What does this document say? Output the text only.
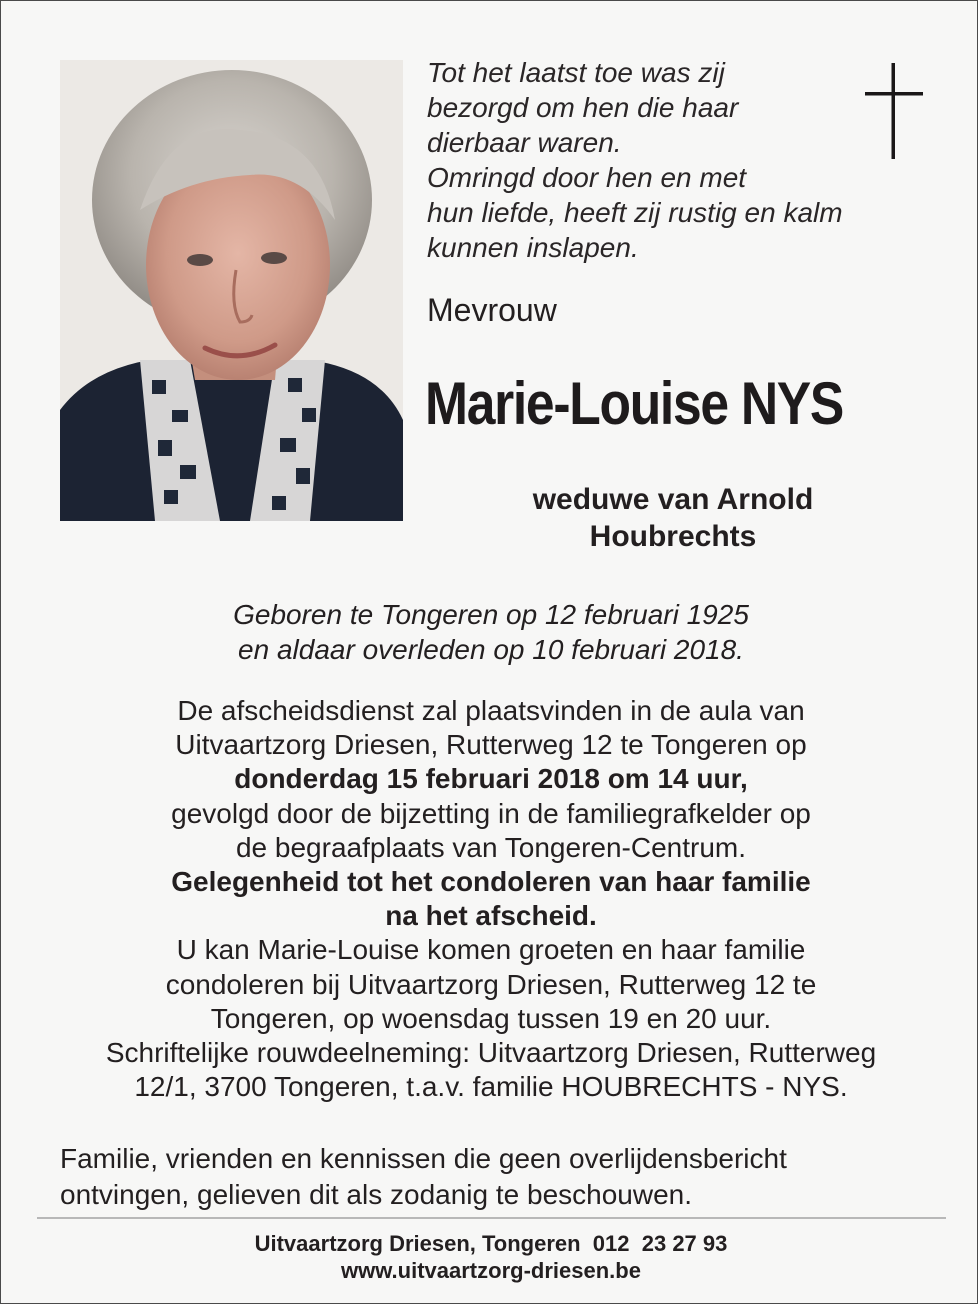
Tot het laatst toe was zij
bezorgd om hen die haar
dierbaar waren.
Omringd door hen en met
hun liefde, heeft zij rustig en kalm
kunnen inslapen.
Mevrouw
Marie-Louise NYS
weduwe van Arnold
Houbrechts
Geboren te Tongeren op 12 februari 1925
en aldaar overleden op 10 februari 2018.
De afscheidsdienst zal plaatsvinden in de aula van
Uitvaartzorg Driesen, Rutterweg 12 te Tongeren op
donderdag 15 februari 2018 om 14 uur,
gevolgd door de bijzetting in de familiegrafkelder op
de begraafplaats van Tongeren-Centrum.
Gelegenheid tot het condoleren van haar familie
na het afscheid.
U kan Marie-Louise komen groeten en haar familie
condoleren bij Uitvaartzorg Driesen, Rutterweg 12 te
Tongeren, op woensdag tussen 19 en 20 uur.
Schriftelijke rouwdeelneming: Uitvaartzorg Driesen, Rutterweg
12/1, 3700 Tongeren, t.a.v. familie HOUBRECHTS - NYS.
Familie, vrienden en kennissen die geen overlijdensbericht
ontvingen, gelieven dit als zodanig te beschouwen.
Uitvaartzorg Driesen, Tongeren  012  23 27 93
www.uitvaartzorg-driesen.be
